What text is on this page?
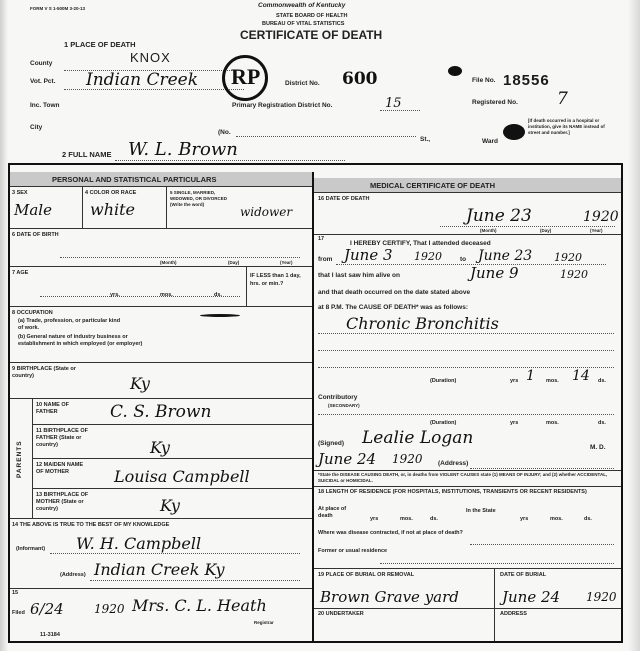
FORM V S 1-500M 3-20-13	Commonwealth of Kentucky
STATE BOARD OF HEALTH
BUREAU OF VITAL STATISTICS
CERTIFICATE OF DEATH
1 PLACE OF DEATH
County	KNOX
Vot. Pct. Indian Creek RP	District No. 600	File No. 18556
Inc. Town	Primary Registration District No.	15	Registered No. 7
City
(No.
St.,	Ward
[If death occurred in a hospital or institution, give its NAME instead of street and number.]
2 FULL NAME W. L. Brown
PERSONAL AND STATISTICAL PARTICULARS
3 SEX
Male
4 COLOR OR RACE
white
5 SINGLE, MARRIED, WIDOWED, OR DIVORCED (Write the word)
widower
6 DATE OF BIRTH
(Month)	(Day)	(Year)
7 AGE
yrs.	mos.	ds.
IF LESS than 1 day, hrs. or min.?
8 OCCUPATION
(a) Trade, profession, or particular kind of work.
(b) General nature of industry business or establishment in which employed (or employer)
9 BIRTHPLACE (State or country)	Ky
PARENTS
10 NAME OF FATHER	C. S. Brown
11 BIRTHPLACE OF FATHER (State or country)	Ky
12 MAIDEN NAME OF MOTHER	Louisa Campbell
13 BIRTHPLACE OF MOTHER (State or country)	Ky
14 THE ABOVE IS TRUE TO THE BEST OF MY KNOWLEDGE
(Informant) W. H. Campbell
(Address) Indian Creek Ky
15
Filed 6/24	1920 Mrs. C. L. Heath
Registrar
11-3184
MEDICAL CERTIFICATE OF DEATH
16 DATE OF DEATH
June 23	1920
(Month)	(Day)	(Year)
17
I HEREBY CERTIFY, That I attended deceased
from June 3 1920	to June 23 1920
that I last saw him alive on	June 9	1920
and that death occurred on the date stated above
at 8 P.M. The CAUSE OF DEATH* was as follows:
Chronic Bronchitis
(Duration)	yrs 1 mos. 14 ds.
Contributory
(SECONDARY)
(Duration)	yrs	mos.	ds.
(Signed) Lealie Logan	M. D.
June 24 1920 (Address)
*State the DISEASE CAUSING DEATH, or, in deaths from VIOLENT CAUSES state (1) MEANS OF INJURY; and (2) whether ACCIDENTAL, SUICIDAL or HOMICIDAL.
18 LENGTH OF RESIDENCE (FOR HOSPITALS, INSTITUTIONS, TRANSIENTS OR RECENT RESIDENTS)
At place of death	yrs	mos.	ds.
In the State
yrs	mos.	ds.
Where was disease contracted, if not at place of death?
Former or usual residence
19 PLACE OF BURIAL OR REMOVAL
Brown Grave yard
DATE OF BURIAL
June 24 1920
20 UNDERTAKER	ADDRESS
